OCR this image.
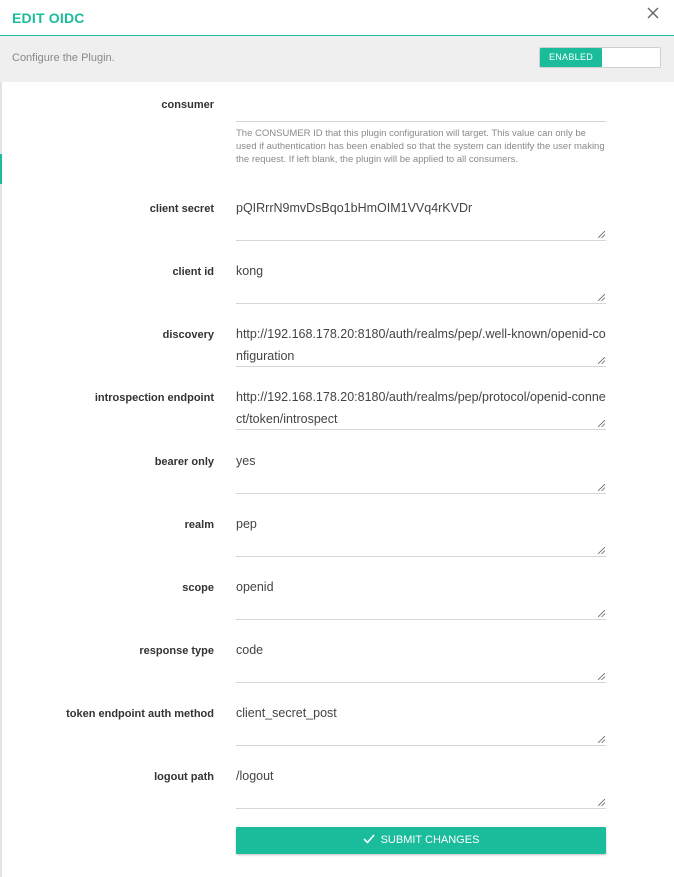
EDIT OIDC
Configure the Plugin.	ENABLED
consumer
The CONSUMER ID that this plugin configuration will target. This value can only be used if authentication has been enabled so that the system can identify the user making the request. If left blank, the plugin will be applied to all consumers.
client secret pQIRrrN9mvDsBqo1bHmOIM1VVq4rKVDr
client id kong
discovery http://192.168.178.20:8180/auth/realms/pep/.well-known/openid-configuration
introspection endpoint http://192.168.178.20:8180/auth/realms/pep/protocol/openid-connect/token/introspect
bearer only yes
realm pep
scope openid
response type code
token endpoint auth method client_secret_post
logout path /logout
SUBMIT CHANGES
